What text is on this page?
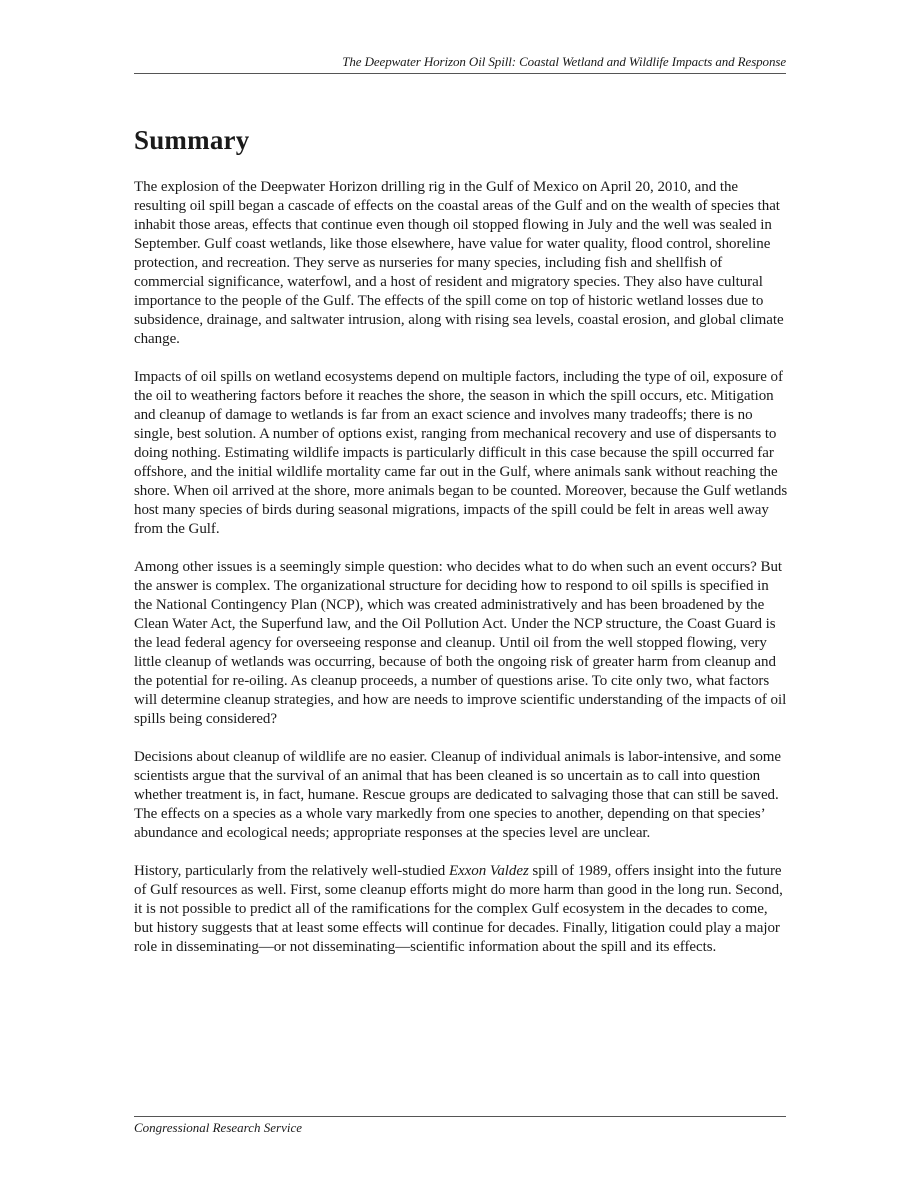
The Deepwater Horizon Oil Spill: Coastal Wetland and Wildlife Impacts and Response
Summary

The explosion of the Deepwater Horizon drilling rig in the Gulf of Mexico on April 20, 2010, and the resulting oil spill began a cascade of effects on the coastal areas of the Gulf and on the wealth of species that inhabit those areas, effects that continue even though oil stopped flowing in July and the well was sealed in September. Gulf coast wetlands, like those elsewhere, have value for water quality, flood control, shoreline protection, and recreation. They serve as nurseries for many species, including fish and shellfish of commercial significance, waterfowl, and a host of resident and migratory species. They also have cultural importance to the people of the Gulf. The effects of the spill come on top of historic wetland losses due to subsidence, drainage, and saltwater intrusion, along with rising sea levels, coastal erosion, and global climate change.

Impacts of oil spills on wetland ecosystems depend on multiple factors, including the type of oil, exposure of the oil to weathering factors before it reaches the shore, the season in which the spill occurs, etc. Mitigation and cleanup of damage to wetlands is far from an exact science and involves many tradeoffs; there is no single, best solution. A number of options exist, ranging from mechanical recovery and use of dispersants to doing nothing. Estimating wildlife impacts is particularly difficult in this case because the spill occurred far offshore, and the initial wildlife mortality came far out in the Gulf, where animals sank without reaching the shore. When oil arrived at the shore, more animals began to be counted. Moreover, because the Gulf wetlands host many species of birds during seasonal migrations, impacts of the spill could be felt in areas well away from the Gulf.

Among other issues is a seemingly simple question: who decides what to do when such an event occurs? But the answer is complex. The organizational structure for deciding how to respond to oil spills is specified in the National Contingency Plan (NCP), which was created administratively and has been broadened by the Clean Water Act, the Superfund law, and the Oil Pollution Act. Under the NCP structure, the Coast Guard is the lead federal agency for overseeing response and cleanup. Until oil from the well stopped flowing, very little cleanup of wetlands was occurring, because of both the ongoing risk of greater harm from cleanup and the potential for re-oiling. As cleanup proceeds, a number of questions arise. To cite only two, what factors will determine cleanup strategies, and how are needs to improve scientific understanding of the impacts of oil spills being considered?

Decisions about cleanup of wildlife are no easier. Cleanup of individual animals is labor-intensive, and some scientists argue that the survival of an animal that has been cleaned is so uncertain as to call into question whether treatment is, in fact, humane. Rescue groups are dedicated to salvaging those that can still be saved. The effects on a species as a whole vary markedly from one species to another, depending on that species’ abundance and ecological needs; appropriate responses at the species level are unclear.

History, particularly from the relatively well-studied Exxon Valdez spill of 1989, offers insight into the future of Gulf resources as well. First, some cleanup efforts might do more harm than good in the long run. Second, it is not possible to predict all of the ramifications for the complex Gulf ecosystem in the decades to come, but history suggests that at least some effects will continue for decades. Finally, litigation could play a major role in disseminating—or not disseminating—scientific information about the spill and its effects.

Congressional Research Service
